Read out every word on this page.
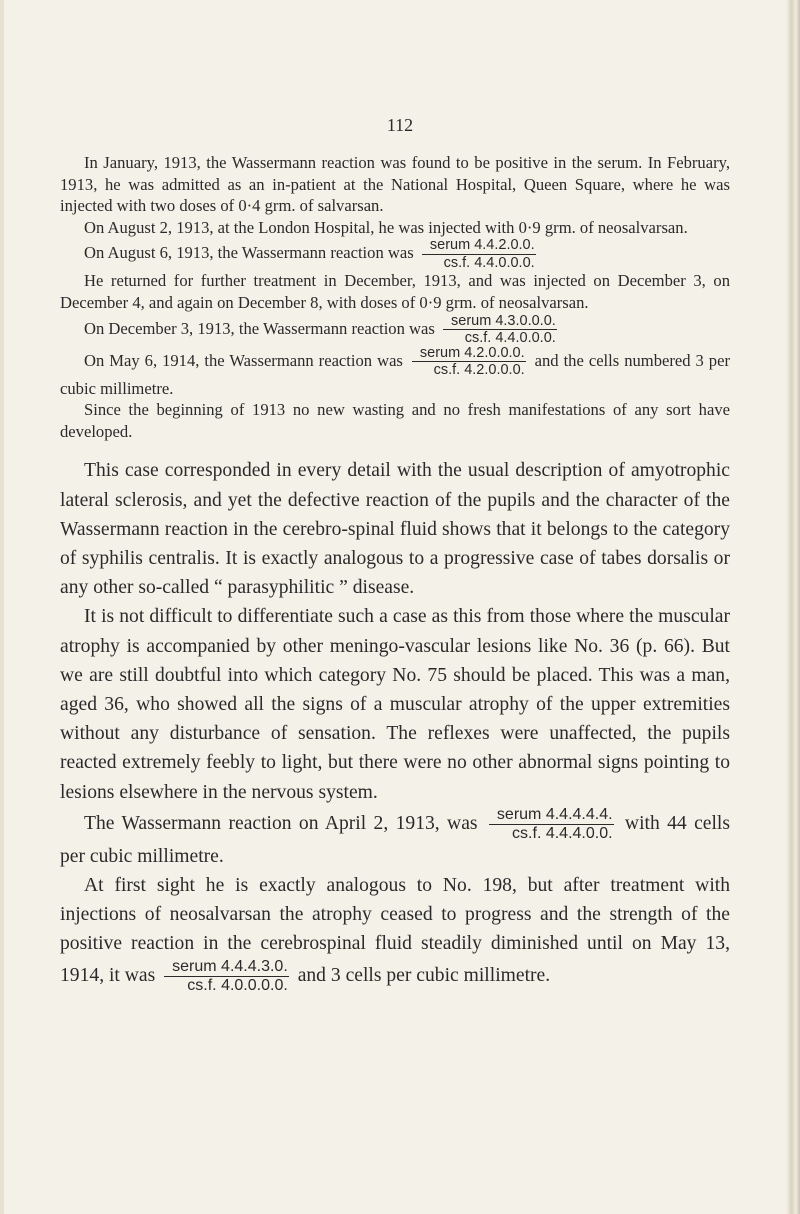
112

In January, 1913, the Wassermann reaction was found to be positive in the serum. In February, 1913, he was admitted as an in-patient at the National Hospital, Queen Square, where he was injected with two doses of 0·4 grm. of salvarsan.

On August 2, 1913, at the London Hospital, he was injected with 0·9 grm. of neosalvarsan.

On August 6, 1913, the Wassermann reaction was $\frac{\text{serum 4.4.2.0.0.}}{cs.f. 4.4.0.0.0.}$

He returned for further treatment in December, 1913, and was injected on December 3, on December 4, and again on December 8, with doses of 0·9 grm. of neosalvarsan.

On December 3, 1913, the Wassermann reaction was $\frac{\text{serum 4.3.0.0.0.}}{cs.f. 4.4.0.0.0.}$

On May 6, 1914, the Wassermann reaction was $\frac{\text{serum 4.2.0.0.0.}}{cs.f. 4.2.0.0.0.}$ and the cells numbered 3 per cubic millimetre.

Since the beginning of 1913 no new wasting and no fresh manifestations of any sort have developed.

This case corresponded in every detail with the usual description of amyotrophic lateral sclerosis, and yet the defective reaction of the pupils and the character of the Wassermann reaction in the cerebro-spinal fluid shows that it belongs to the category of syphilis centralis. It is exactly analogous to a progressive case of tabes dorsalis or any other so-called “ parasyphilitic ” disease.

It is not difficult to differentiate such a case as this from those where the muscular atrophy is accompanied by other meningo-vascular lesions like No. 36 (p. 66). But we are still doubtful into which category No. 75 should be placed. This was a man, aged 36, who showed all the signs of a muscular atrophy of the upper extremities without any disturbance of sensation. The reflexes were unaffected, the pupils reacted extremely feebly to light, but there were no other abnormal signs pointing to lesions elsewhere in the nervous system.

The Wassermann reaction on April 2, 1913, was $\frac{\text{serum 4.4.4.4.4.}}{cs.f. 4.4.4.0.0.}$ with 44 cells per cubic millimetre.

At first sight he is exactly analogous to No. 198, but after treatment with injections of neosalvarsan the atrophy ceased to progress and the strength of the positive reaction in the cerebrospinal fluid steadily diminished until on May 13, 1914, it was $\frac{\text{serum 4.4.4.3.0.}}{cs.f. 4.0.0.0.0.}$ and 3 cells per cubic millimetre.
